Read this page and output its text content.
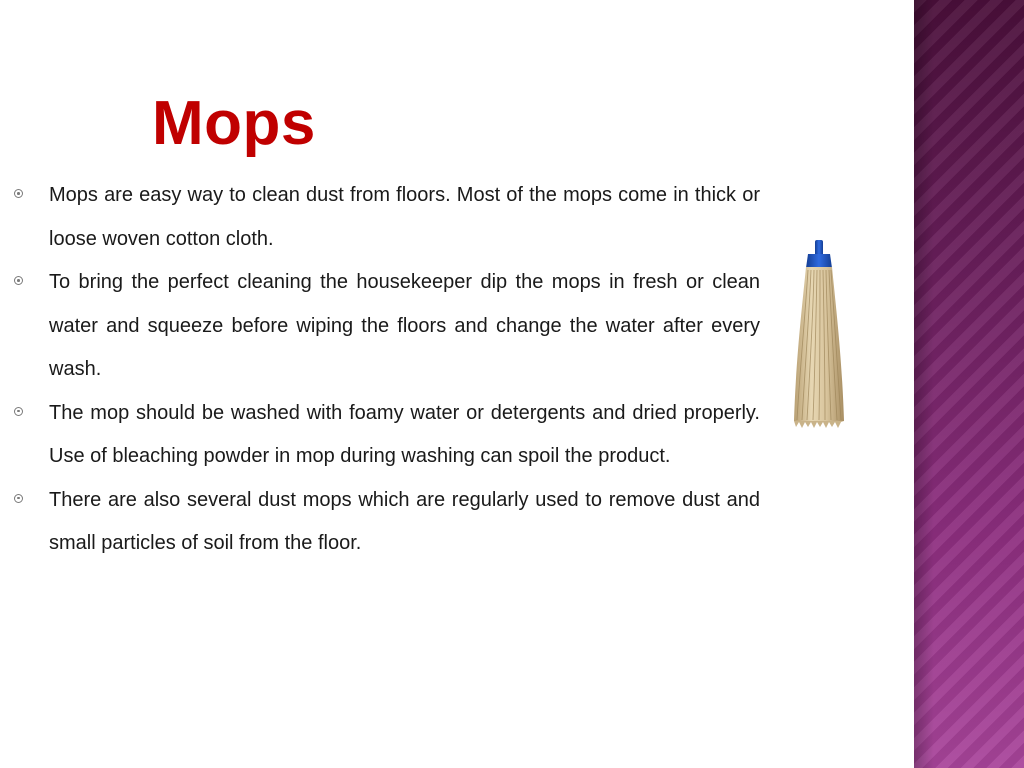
Mops
Mops are easy way to clean dust from floors. Most of the mops come in thick or loose woven cotton cloth.
To bring the perfect cleaning the housekeeper dip the mops in fresh or clean water and squeeze before wiping the floors and change the water after every wash.
The mop should be washed with foamy water or detergents and dried properly. Use of bleaching powder in mop during washing can spoil the product.
There are also several dust mops which are regularly used to remove dust and small particles of soil from the floor.
